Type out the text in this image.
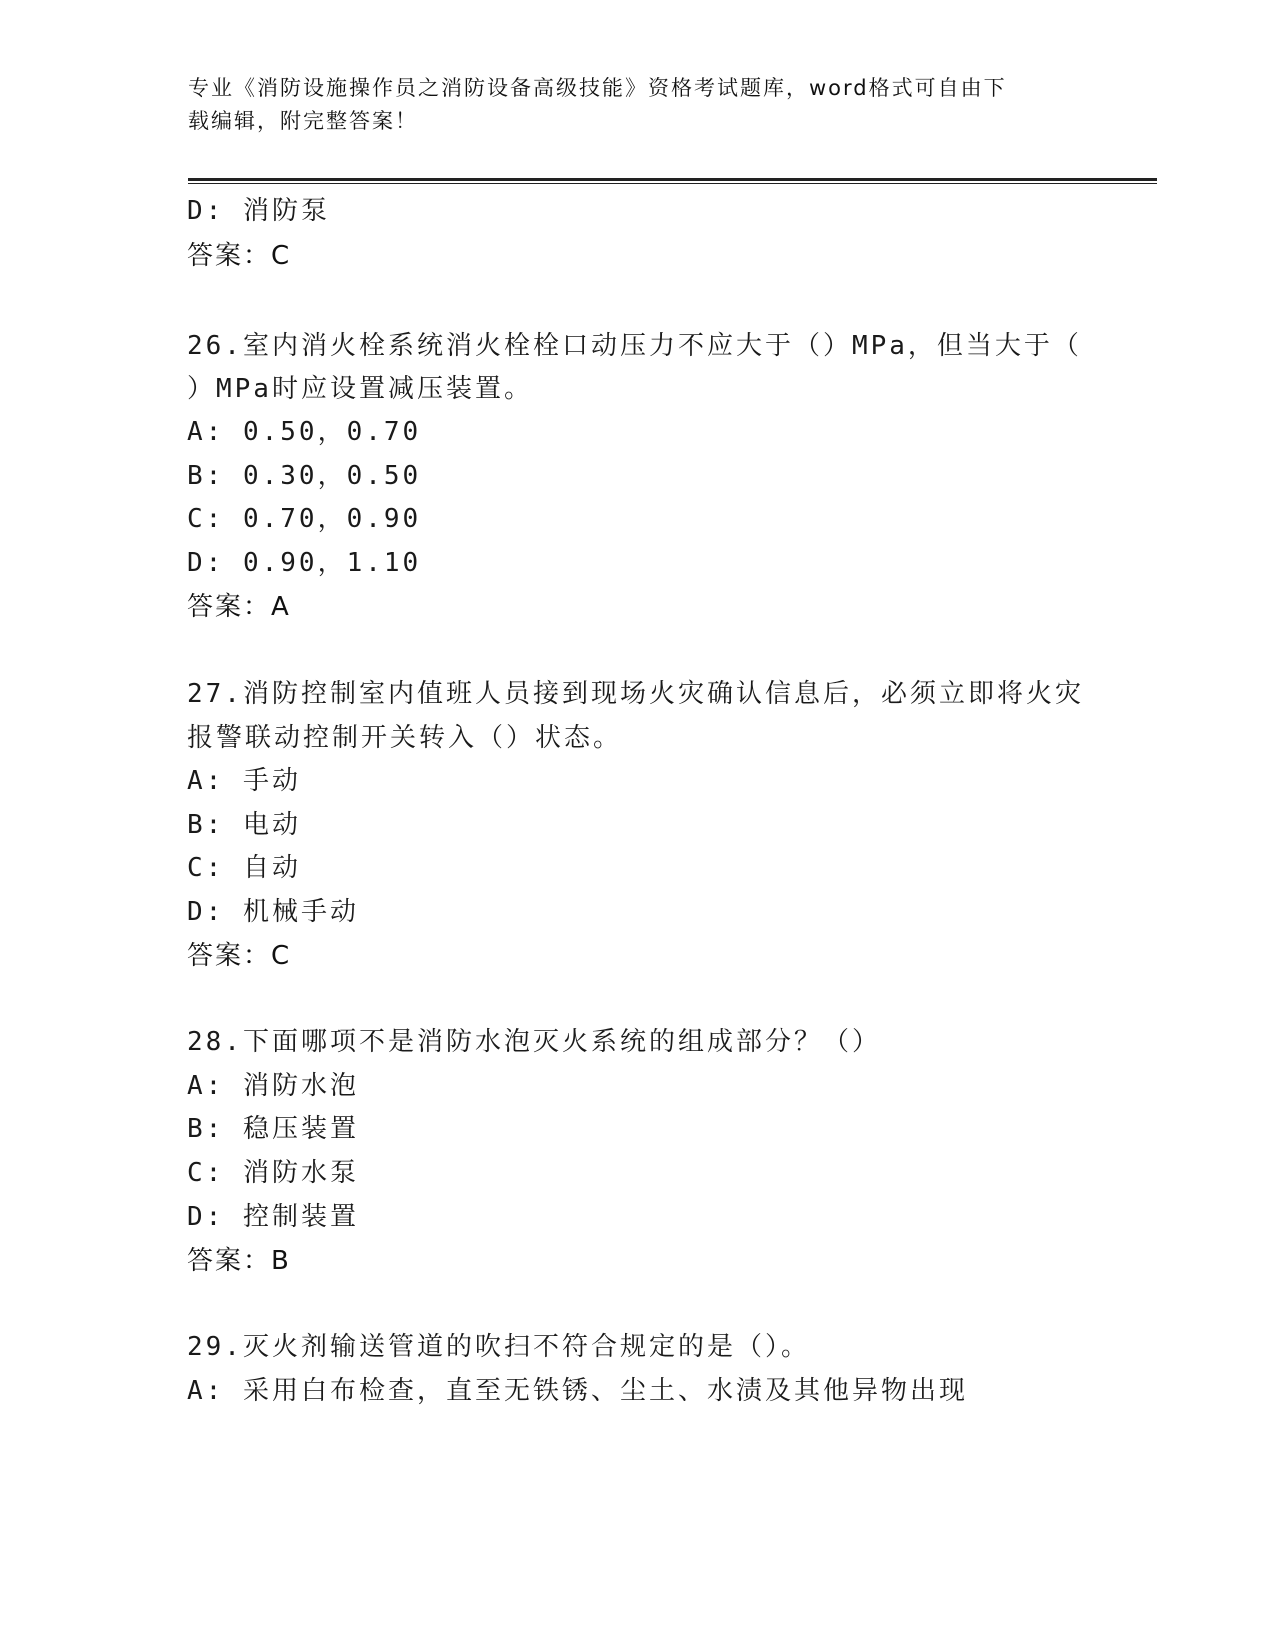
专业《消防设施操作员之消防设备高级技能》资格考试题库，word格式可自由下
载编辑，附完整答案！
D: 消防泵
答案：C
26.室内消火栓系统消火栓栓口动压力不应大于（）MPa，但当大于（
）MPa时应设置减压装置。
A: 0.50，0.70
B: 0.30，0.50
C: 0.70，0.90
D: 0.90，1.10
答案：A
27.消防控制室内值班人员接到现场火灾确认信息后，必须立即将火灾
报警联动控制开关转入（）状态。
A: 手动
B: 电动
C: 自动
D: 机械手动
答案：C
28.下面哪项不是消防水泡灭火系统的组成部分？（）
A: 消防水泡
B: 稳压装置
C: 消防水泵
D: 控制装置
答案：B
29.灭火剂输送管道的吹扫不符合规定的是（）。
A: 采用白布检查，直至无铁锈、尘土、水渍及其他异物出现
